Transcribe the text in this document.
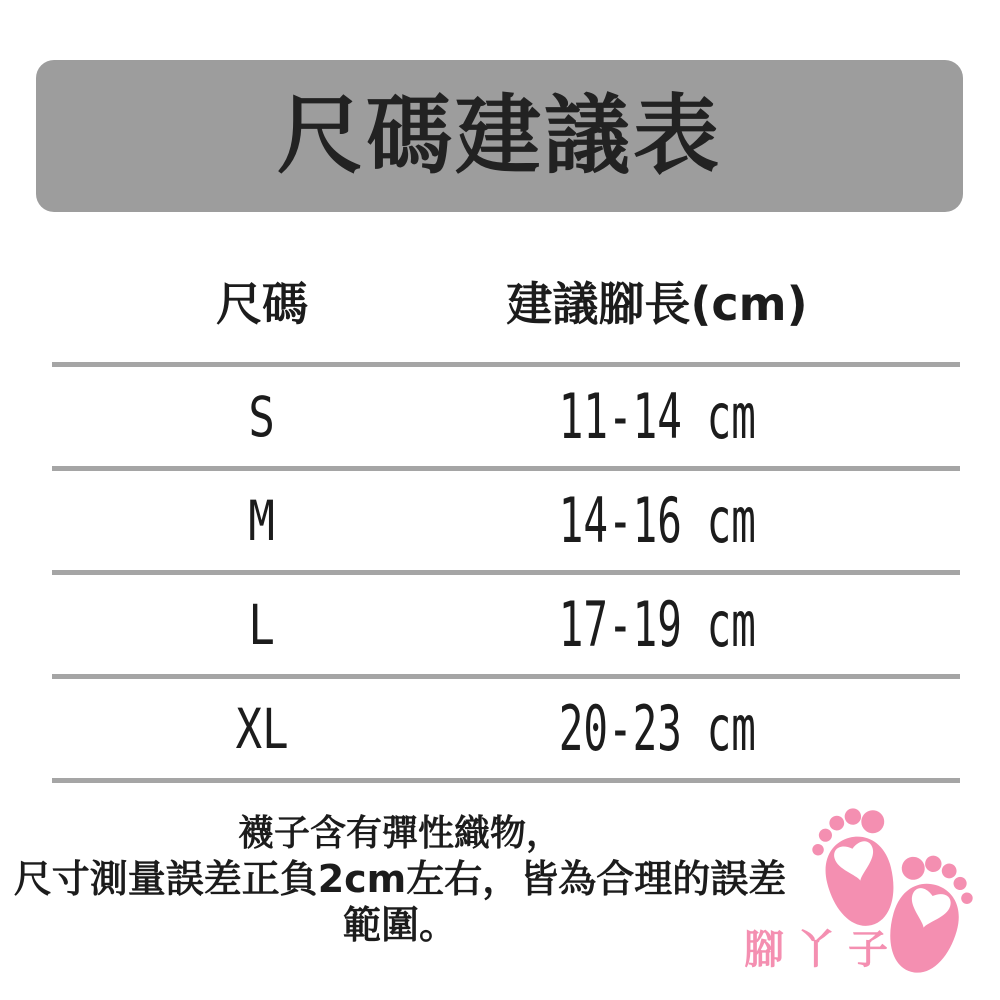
尺碼建議表
尺碼	建議腳長(cm)
S	11-14 cm
M	14-16 cm
L	17-19 cm
XL	20-23 cm
襪子含有彈性織物，
尺寸測量誤差正負2cm左右，皆為合理的誤差範圍。
腳丫子
